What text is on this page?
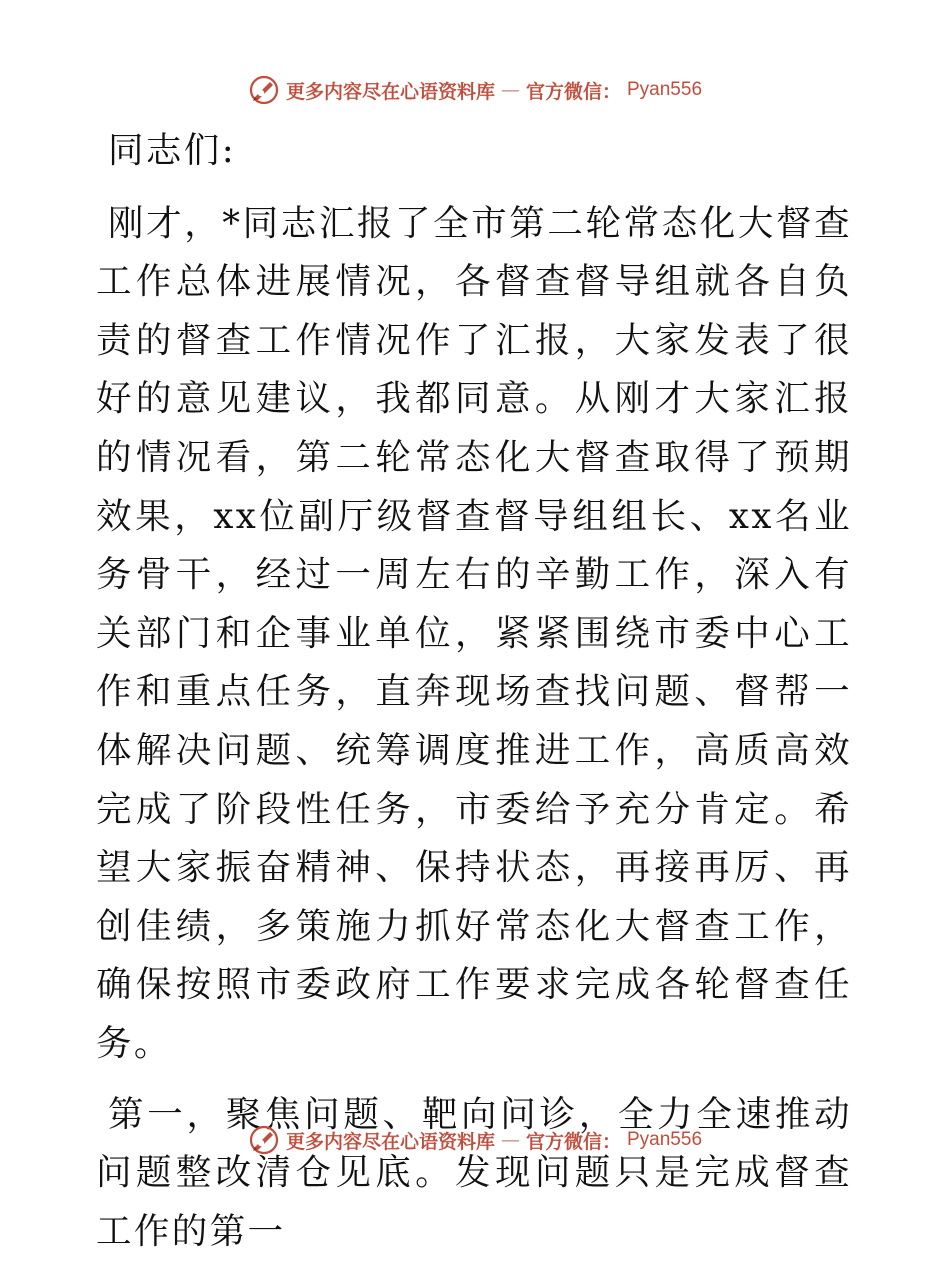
更多内容尽在心语资料库 — 官方微信： Pyan556

同志们:

刚才，*同志汇报了全市第二轮常态化大督查工作总体进展情况，各督查督导组就各自负责的督查工作情况作了汇报，大家发表了很好的意见建议，我都同意。从刚才大家汇报的情况看，第二轮常态化大督查取得了预期效果，xx位副厅级督查督导组组长、xx名业务骨干，经过一周左右的辛勤工作，深入有关部门和企事业单位，紧紧围绕市委中心工作和重点任务，直奔现场查找问题、督帮一体解决问题、统筹调度推进工作，高质高效完成了阶段性任务，市委给予充分肯定。希望大家振奋精神、保持状态，再接再厉、再创佳绩，多策施力抓好常态化大督查工作，确保按照市委政府工作要求完成各轮督查任务。

第一，聚焦问题、靶向问诊，全力全速推动问题整改清仓见底。发现问题只是完成督查工作的第一

更多内容尽在心语资料库 — 官方微信： Pyan556
